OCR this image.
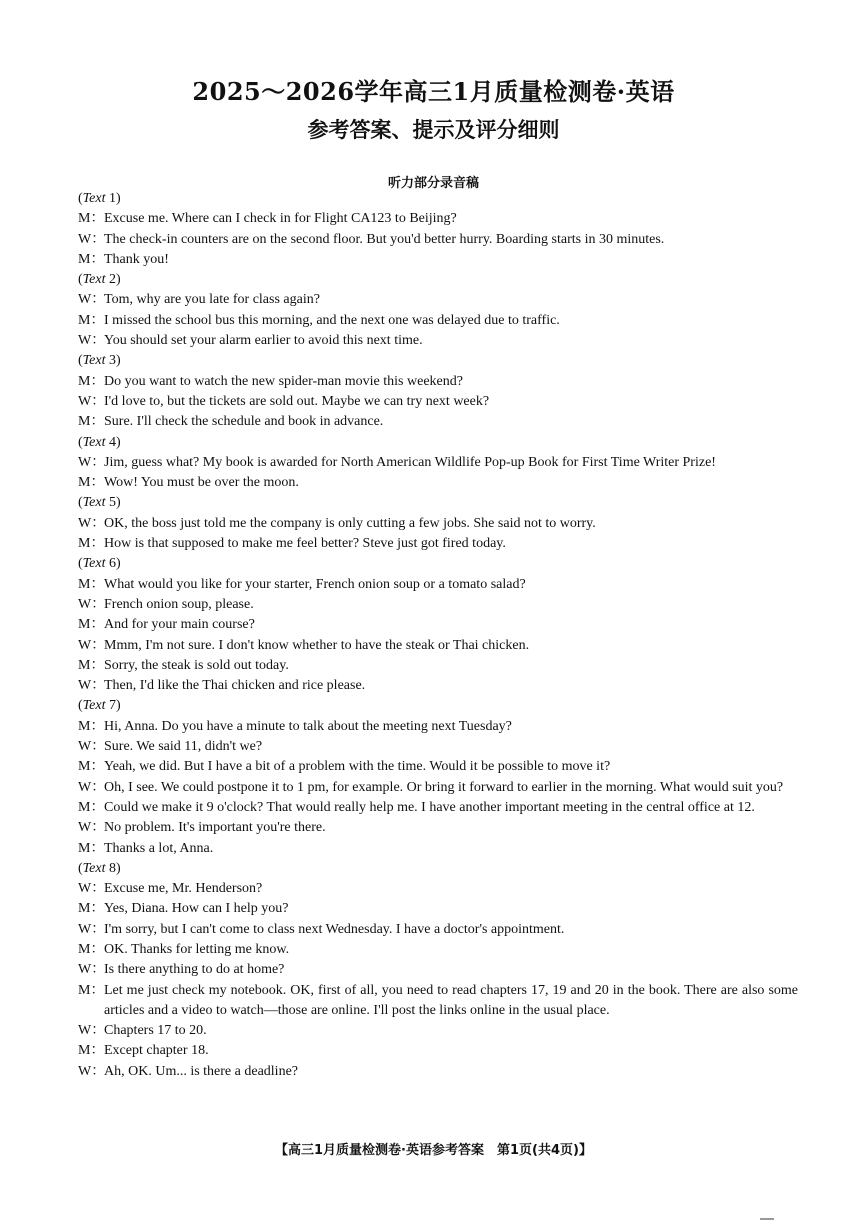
2025～2026学年高三1月质量检测卷·英语
参考答案、提示及评分细则
听力部分录音稿
(Text 1)
M：Excuse me. Where can I check in for Flight CA123 to Beijing?
W：The check-in counters are on the second floor. But you'd better hurry. Boarding starts in 30 minutes.
M：Thank you!
(Text 2)
W：Tom, why are you late for class again?
M：I missed the school bus this morning, and the next one was delayed due to traffic.
W：You should set your alarm earlier to avoid this next time.
(Text 3)
M：Do you want to watch the new spider-man movie this weekend?
W：I'd love to, but the tickets are sold out. Maybe we can try next week?
M：Sure. I'll check the schedule and book in advance.
(Text 4)
W：Jim, guess what? My book is awarded for North American Wildlife Pop-up Book for First Time Writer Prize!
M：Wow! You must be over the moon.
(Text 5)
W：OK, the boss just told me the company is only cutting a few jobs. She said not to worry.
M：How is that supposed to make me feel better? Steve just got fired today.
(Text 6)
M：What would you like for your starter, French onion soup or a tomato salad?
W：French onion soup, please.
M：And for your main course?
W：Mmm, I'm not sure. I don't know whether to have the steak or Thai chicken.
M：Sorry, the steak is sold out today.
W：Then, I'd like the Thai chicken and rice please.
(Text 7)
M：Hi, Anna. Do you have a minute to talk about the meeting next Tuesday?
W：Sure. We said 11, didn't we?
M：Yeah, we did. But I have a bit of a problem with the time. Would it be possible to move it?
W：Oh, I see. We could postpone it to 1 pm, for example. Or bring it forward to earlier in the morning. What would suit you?
M：Could we make it 9 o'clock? That would really help me. I have another important meeting in the central office at 12.
W：No problem. It's important you're there.
M：Thanks a lot, Anna.
(Text 8)
W：Excuse me, Mr. Henderson?
M：Yes, Diana. How can I help you?
W：I'm sorry, but I can't come to class next Wednesday. I have a doctor's appointment.
M：OK. Thanks for letting me know.
W：Is there anything to do at home?
M：Let me just check my notebook. OK, first of all, you need to read chapters 17, 19 and 20 in the book. There are also some articles and a video to watch—those are online. I'll post the links online in the usual place.
W：Chapters 17 to 20.
M：Except chapter 18.
W：Ah, OK. Um... is there a deadline?
【高三1月质量检测卷·英语参考答案　第1页(共4页)】
